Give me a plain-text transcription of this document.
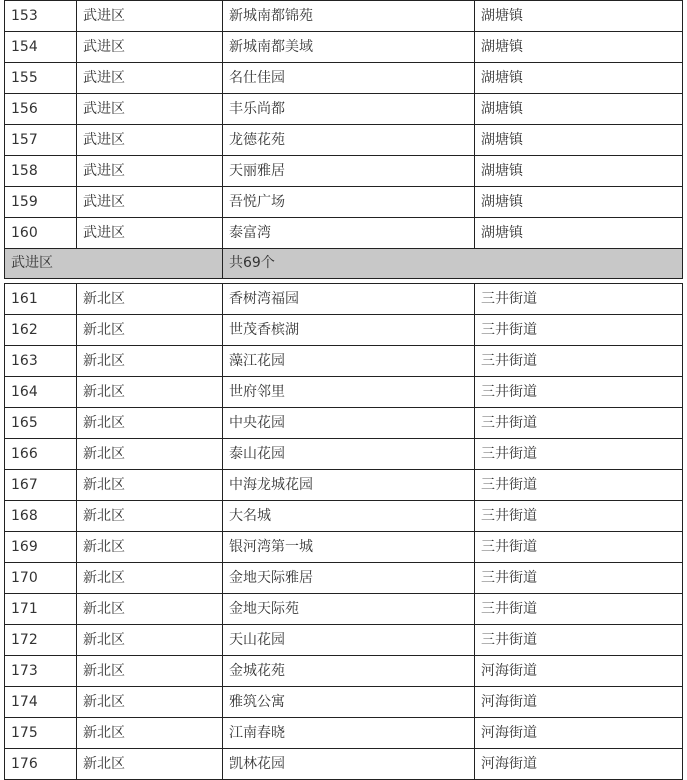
153	武进区	新城南都锦苑	湖塘镇
154	武进区	新城南都美域	湖塘镇
155	武进区	名仕佳园	湖塘镇
156	武进区	丰乐尚都	湖塘镇
157	武进区	龙德花苑	湖塘镇
158	武进区	天丽雅居	湖塘镇
159	武进区	吾悦广场	湖塘镇
160	武进区	泰富湾	湖塘镇
武进区		共69个	
161	新北区	香树湾福园	三井街道
162	新北区	世茂香槟湖	三井街道
163	新北区	藻江花园	三井街道
164	新北区	世府邻里	三井街道
165	新北区	中央花园	三井街道
166	新北区	泰山花园	三井街道
167	新北区	中海龙城花园	三井街道
168	新北区	大名城	三井街道
169	新北区	银河湾第一城	三井街道
170	新北区	金地天际雅居	三井街道
171	新北区	金地天际苑	三井街道
172	新北区	天山花园	三井街道
173	新北区	金城花苑	河海街道
174	新北区	雅筑公寓	河海街道
175	新北区	江南春晓	河海街道
176	新北区	凯林花园	河海街道
